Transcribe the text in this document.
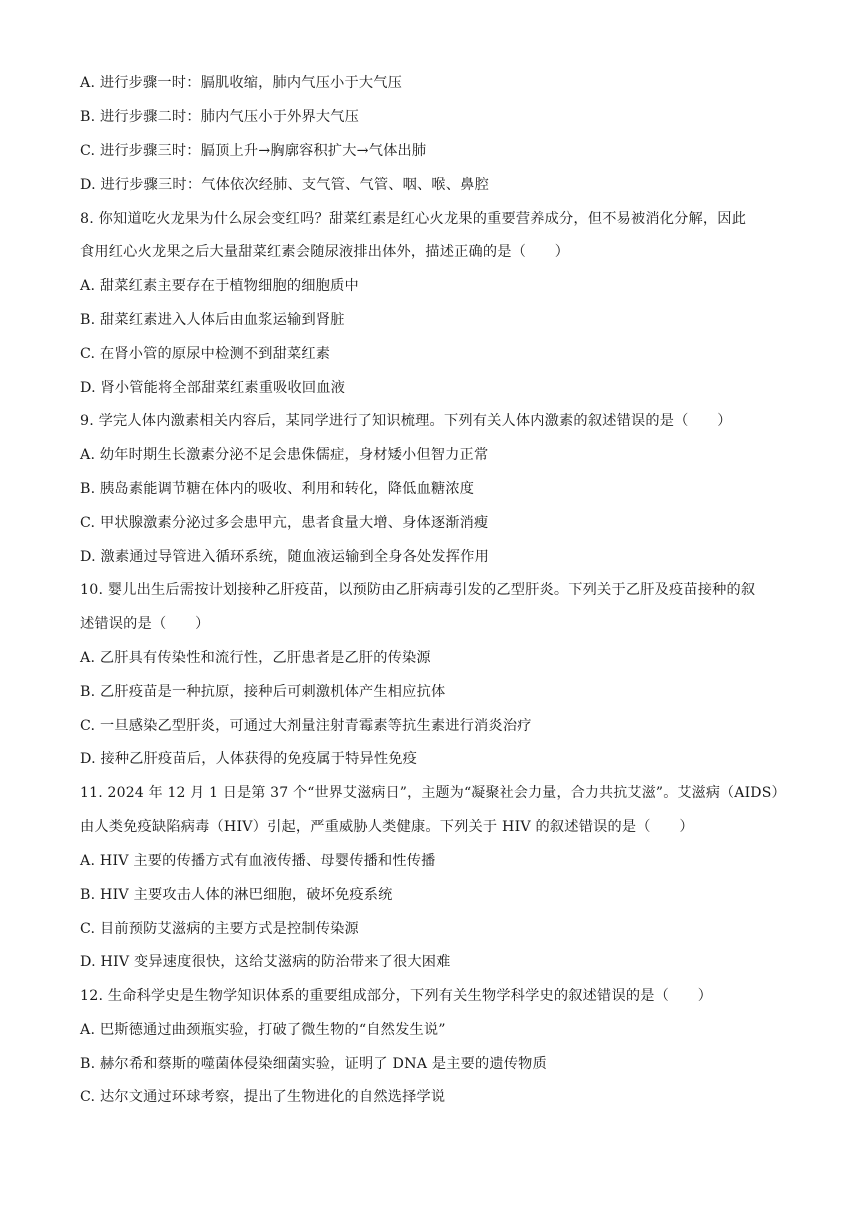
A. 进行步骤一时：膈肌收缩，肺内气压小于大气压
B. 进行步骤二时：肺内气压小于外界大气压
C. 进行步骤三时：膈顶上升→胸廓容积扩大→气体出肺
D. 进行步骤三时：气体依次经肺、支气管、气管、咽、喉、鼻腔
8. 你知道吃火龙果为什么尿会变红吗？甜菜红素是红心火龙果的重要营养成分，但不易被消化分解，因此
食用红心火龙果之后大量甜菜红素会随尿液排出体外，描述正确的是（　　）
A. 甜菜红素主要存在于植物细胞的细胞质中
B. 甜菜红素进入人体后由血浆运输到肾脏
C. 在肾小管的原尿中检测不到甜菜红素
D. 肾小管能将全部甜菜红素重吸收回血液
9. 学完人体内激素相关内容后，某同学进行了知识梳理。下列有关人体内激素的叙述错误的是（　　）
A. 幼年时期生长激素分泌不足会患侏儒症，身材矮小但智力正常
B. 胰岛素能调节糖在体内的吸收、利用和转化，降低血糖浓度
C. 甲状腺激素分泌过多会患甲亢，患者食量大增、身体逐渐消瘦
D. 激素通过导管进入循环系统，随血液运输到全身各处发挥作用
10. 婴儿出生后需按计划接种乙肝疫苗，以预防由乙肝病毒引发的乙型肝炎。下列关于乙肝及疫苗接种的叙
述错误的是（　　）
A. 乙肝具有传染性和流行性，乙肝患者是乙肝的传染源
B. 乙肝疫苗是一种抗原，接种后可刺激机体产生相应抗体
C. 一旦感染乙型肝炎，可通过大剂量注射青霉素等抗生素进行消炎治疗
D. 接种乙肝疫苗后，人体获得的免疫属于特异性免疫
11. 2024 年 12 月 1 日是第 37 个“世界艾滋病日”，主题为“凝聚社会力量，合力共抗艾滋”。艾滋病（AIDS）
由人类免疫缺陷病毒（HIV）引起，严重威胁人类健康。下列关于 HIV 的叙述错误的是（　　）
A. HIV 主要的传播方式有血液传播、母婴传播和性传播
B. HIV 主要攻击人体的淋巴细胞，破坏免疫系统
C. 目前预防艾滋病的主要方式是控制传染源
D. HIV 变异速度很快，这给艾滋病的防治带来了很大困难
12. 生命科学史是生物学知识体系的重要组成部分，下列有关生物学科学史的叙述错误的是（　　）
A. 巴斯德通过曲颈瓶实验，打破了微生物的“自然发生说”
B. 赫尔希和蔡斯的噬菌体侵染细菌实验，证明了 DNA 是主要的遗传物质
C. 达尔文通过环球考察，提出了生物进化的自然选择学说
